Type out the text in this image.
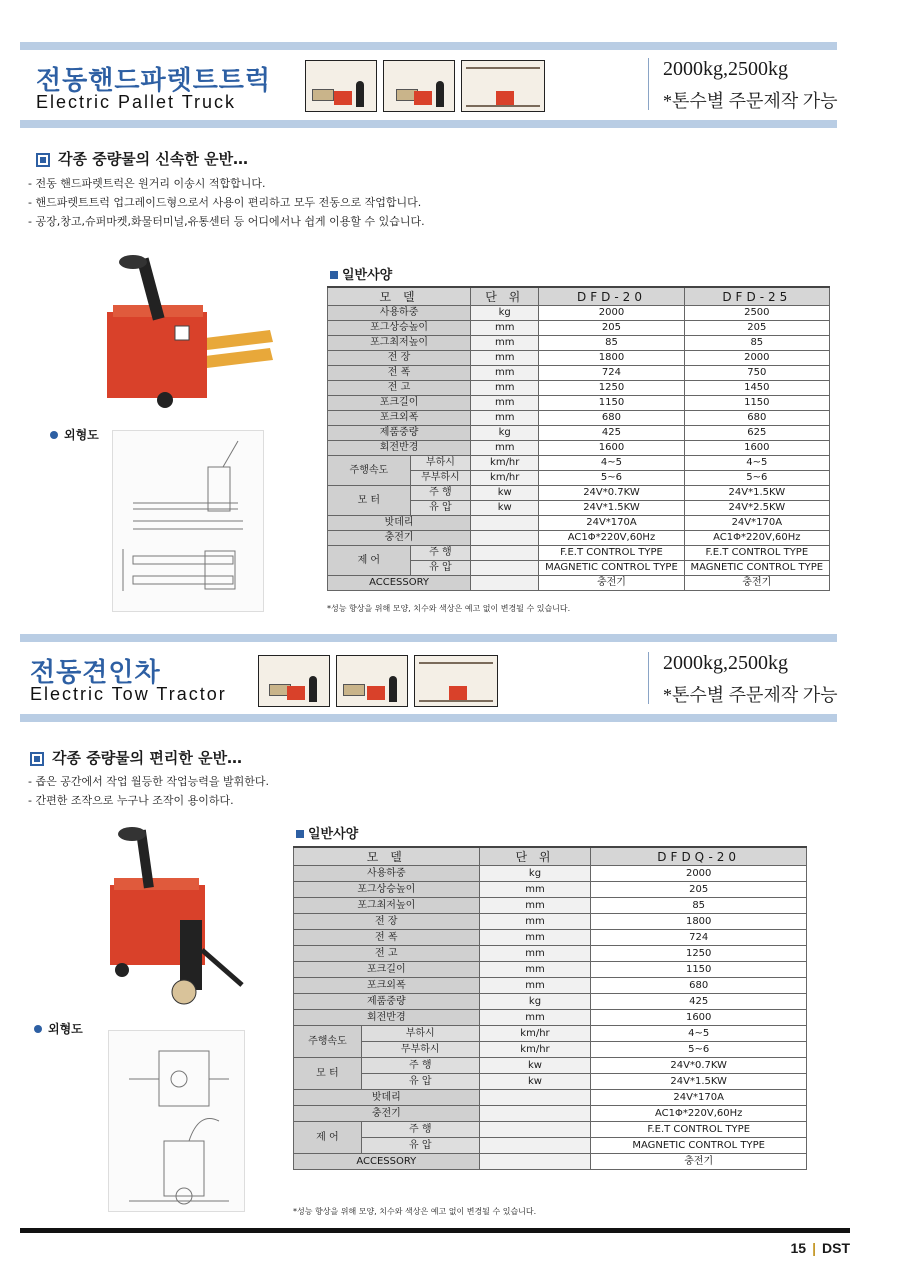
전동핸드파렛트트럭
Electric Pallet Truck
2000kg,2500kg
*톤수별 주문제작 가능
각종 중량물의 신속한 운반…
- 전동 핸드파렛트럭은 원거리 이송시 적합합니다.
- 핸드파렛트트럭 업그레이드형으로서 사용이 편리하고 모두 전동으로 작업합니다.
- 공장,창고,슈퍼마켓,화물터미널,유통센터 등 어디에서나 쉽게 이용할 수 있습니다.
외형도
일반사양
모 델		단 위	DFD-20	DFD-25
사용하중		kg	2000	2500
포그상승높이		mm	205	205
포그최저높이		mm	85	85
전 장		mm	1800	2000
전 폭		mm	724	750
전 고		mm	1250	1450
포크길이		mm	1150	1150
포크외폭		mm	680	680
제품중량		kg	425	625
회전반경		mm	1600	1600
주행속도	부하시	km/hr	4~5	4~5
	무부하시	km/hr	5~6	5~6
모 터	주 행	kw	24V*0.7KW	24V*1.5KW
	유 압	kw	24V*1.5KW	24V*2.5KW
밧데리			24V*170A	24V*170A
충전기			AC1Φ*220V,60Hz	AC1Φ*220V,60Hz
제 어	주 행		F.E.T CONTROL TYPE	F.E.T CONTROL TYPE
	유 압		MAGNETIC CONTROL TYPE	MAGNETIC CONTROL TYPE
ACCESSORY			충전기	충전기
*성능 향상을 위해 모양, 치수와 색상은 예고 없이 변경될 수 있습니다.
전동견인차
Electric Tow Tractor
2000kg,2500kg
*톤수별 주문제작 가능
각종 중량물의 편리한 운반…
- 좁은 공간에서 작업 월등한 작업능력을 발휘한다.
- 간편한 조작으로 누구나 조작이 용이하다.
외형도
일반사양
모 델		단 위	DFDQ-20
사용하중		kg	2000
포그상승높이		mm	205
포그최저높이		mm	85
전 장		mm	1800
전 폭		mm	724
전 고		mm	1250
포크길이		mm	1150
포크외폭		mm	680
제품중량		kg	425
회전반경		mm	1600
주행속도	부하시	km/hr	4~5
	무부하시	km/hr	5~6
모 터	주 행	kw	24V*0.7KW
	유 압	kw	24V*1.5KW
밧데리			24V*170A
충전기			AC1Φ*220V,60Hz
제 어	주 행		F.E.T CONTROL TYPE
	유 압		MAGNETIC CONTROL TYPE
ACCESSORY			충전기
*성능 향상을 위해 모양, 치수와 색상은 예고 없이 변경될 수 있습니다.
15 | DST
